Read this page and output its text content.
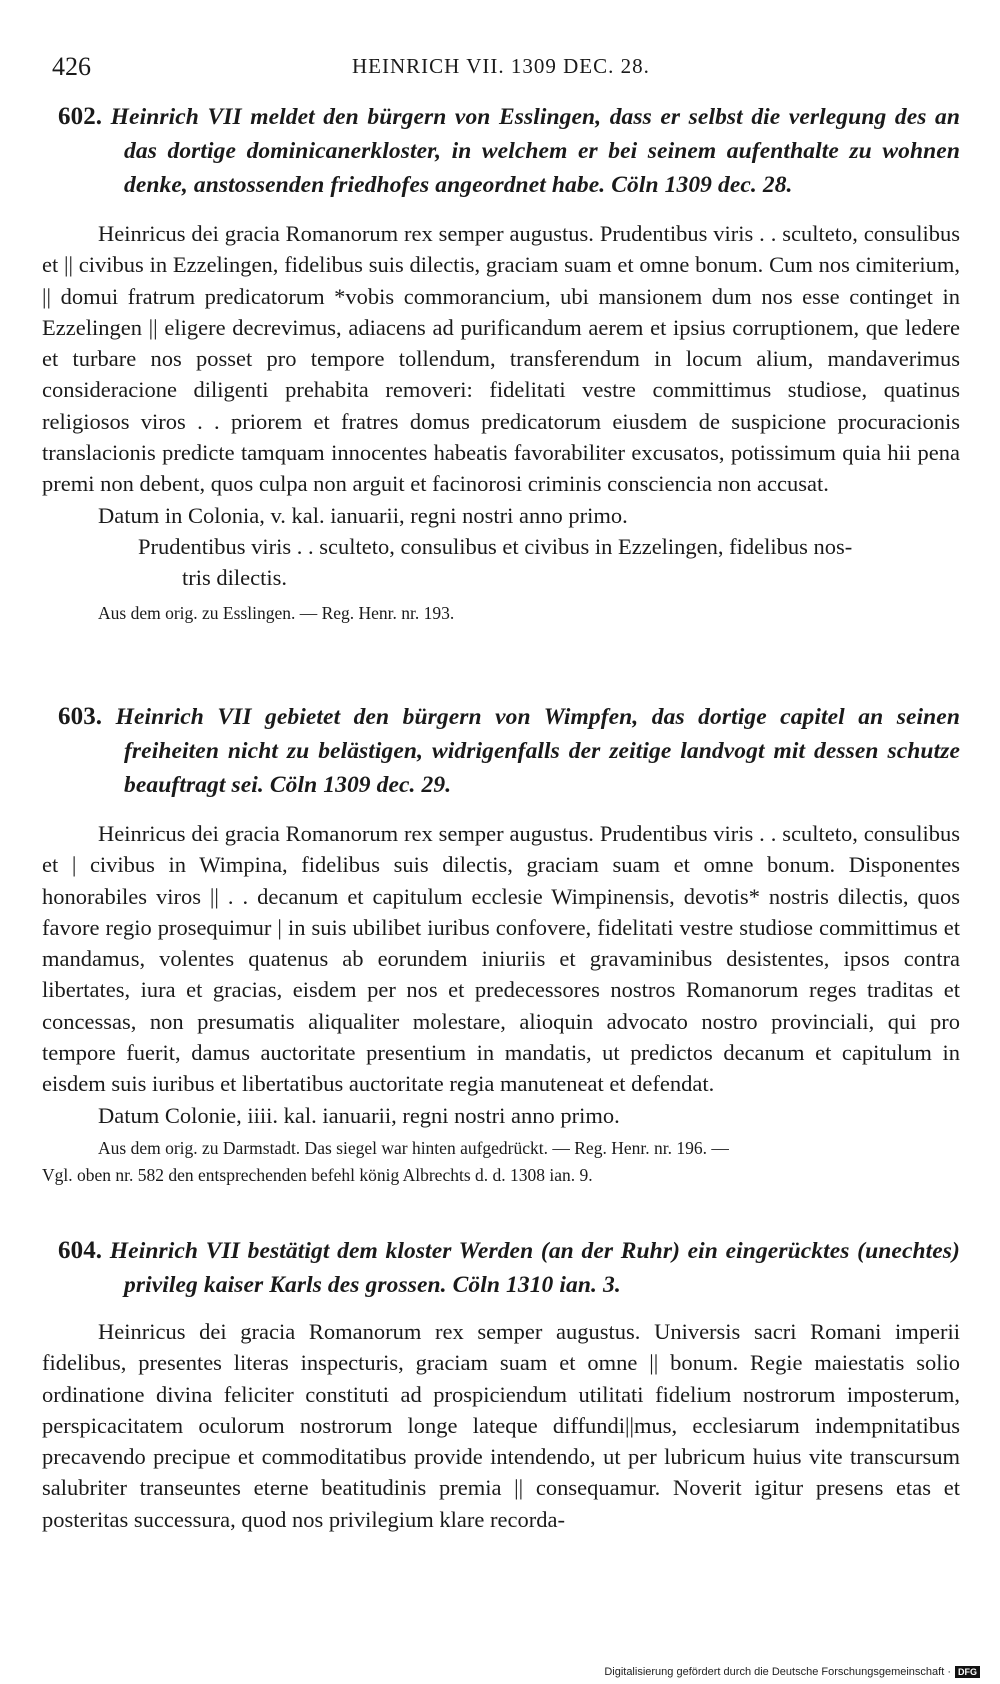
426	HEINRICH VII. 1309 DEC. 28.
602. Heinrich VII meldet den bürgern von Esslingen, dass er selbst die verlegung des an das dortige dominicanerkloster, in welchem er bei seinem aufenthalte zu wohnen denke, anstossenden friedhofes angeordnet habe. Cöln 1309 dec. 28.

Heinricus dei gracia Romanorum rex semper augustus. Prudentibus viris . . sculteto, consulibus et || civibus in Ezzelingen, fidelibus suis dilectis, graciam suam et omne bonum. Cum nos cimiterium, || domui fratrum predicatorum *vobis commorancium, ubi mansionem dum nos esse continget in Ezzelingen || eligere decrevimus, adiacens ad purificandum aerem et ipsius corruptionem, que ledere et turbare nos posset pro tempore tollendum, transferendum in locum alium, mandaverimus consideracione diligenti prehabita removeri: fidelitati vestre committimus studiose, quatinus religiosos viros . . priorem et fratres domus predicatorum eiusdem de suspicione procuracionis translacionis predicte tamquam innocentes habeatis favorabiliter excusatos, potissimum quia hii pena premi non debent, quos culpa non arguit et facinorosi criminis consciencia non accusat.

Datum in Colonia, v. kal. ianuarii, regni nostri anno primo.

Prudentibus viris . . sculteto, consulibus et civibus in Ezzelingen, fidelibus nos-

tris dilectis.

Aus dem orig. zu Esslingen. — Reg. Henr. nr. 193.

603. Heinrich VII gebietet den bürgern von Wimpfen, das dortige capitel an seinen freiheiten nicht zu belästigen, widrigenfalls der zeitige landvogt mit dessen schutze beauftragt sei. Cöln 1309 dec. 29.

Heinricus dei gracia Romanorum rex semper augustus. Prudentibus viris . . sculteto, consulibus et | civibus in Wimpina, fidelibus suis dilectis, graciam suam et omne bonum. Disponentes honorabiles viros || . . decanum et capitulum ecclesie Wimpinensis, devotis* nostris dilectis, quos favore regio prosequimur | in suis ubilibet iuribus confovere, fidelitati vestre studiose committimus et mandamus, volentes quatenus ab eorundem iniuriis et gravaminibus desistentes, ipsos contra libertates, iura et gracias, eisdem per nos et predecessores nostros Romanorum reges traditas et concessas, non presumatis aliqualiter molestare, alioquin advocato nostro provinciali, qui pro tempore fuerit, damus auctoritate presentium in mandatis, ut predictos decanum et capitulum in eisdem suis iuribus et libertatibus auctoritate regia manuteneat et defendat.

Datum Colonie, iiii. kal. ianuarii, regni nostri anno primo.

Aus dem orig. zu Darmstadt. Das siegel war hinten aufgedrückt. — Reg. Henr. nr. 196. —

Vgl. oben nr. 582 den entsprechenden befehl könig Albrechts d. d. 1308 ian. 9.

604. Heinrich VII bestätigt dem kloster Werden (an der Ruhr) ein eingerücktes (unechtes) privileg kaiser Karls des grossen. Cöln 1310 ian. 3.

Heinricus dei gracia Romanorum rex semper augustus. Universis sacri Romani imperii fidelibus, presentes literas inspecturis, graciam suam et omne || bonum. Regie maiestatis solio ordinatione divina feliciter constituti ad prospiciendum utilitati fidelium nostrorum imposterum, perspicacitatem oculorum nostrorum longe lateque diffundi||mus, ecclesiarum indempnitatibus precavendo precipue et commoditatibus provide intendendo, ut per lubricum huius vite transcursum salubriter transeuntes eterne beatitudinis premia || consequamur. Noverit igitur presens etas et posteritas successura, quod nos privilegium klare recorda-

Digitalisierung gefördert durch die Deutsche Forschungsgemeinschaft · DFG
